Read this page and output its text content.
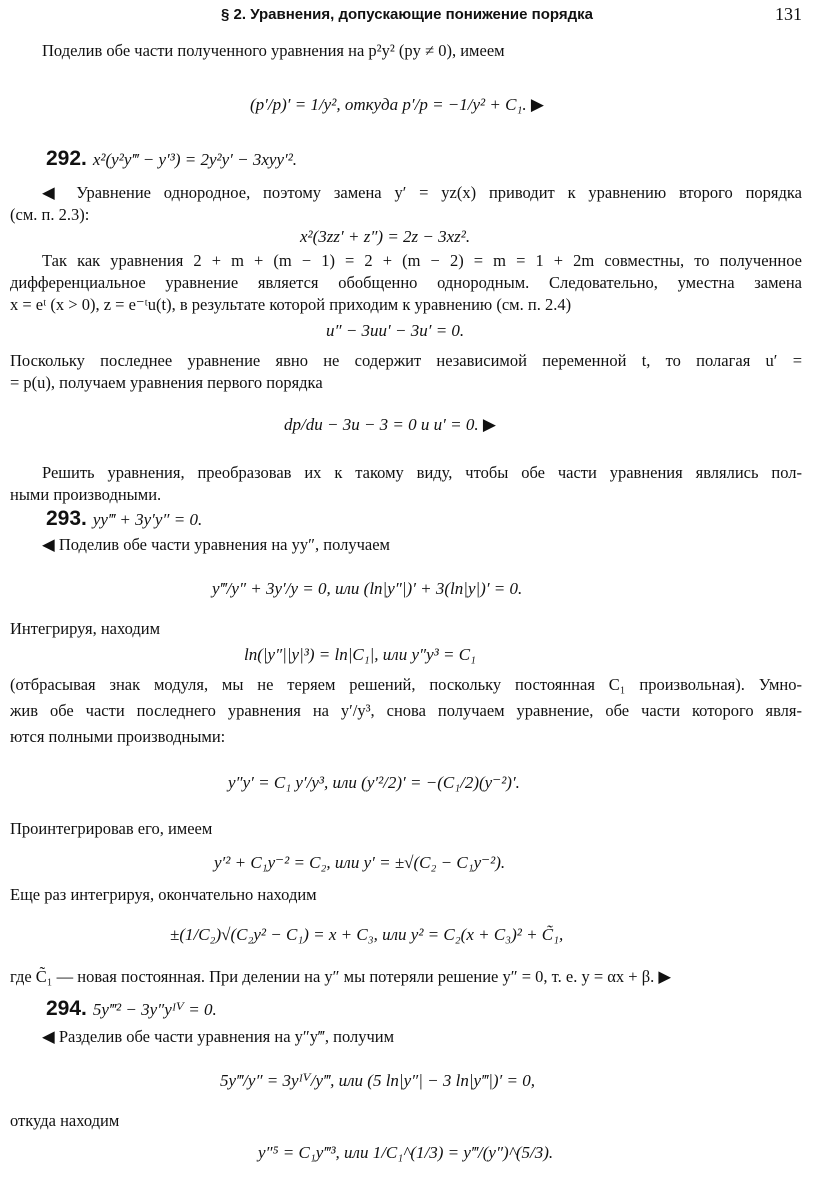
§ 2. Уравнения, допускающие понижение порядка	131
Поделив обе части полученного уравнения на p²y² (py ≠ 0), имеем
(p′/p)′ = 1/y², откуда p′/p = −1/y² + C₁. ▶
292. x²(y²y‴ − y′³) = 2y²y′ − 3xyy′².
◀ Уравнение однородное, поэтому замена y′ = yz(x) приводит к уравнению второго порядка
(см. п. 2.3):
x²(3zz′ + z″) = 2z − 3xz².
Так как уравнения 2 + m + (m − 1) = 2 + (m − 2) = m = 1 + 2m совместны, то полученное
дифференциальное уравнение является обобщенно однородным. Следовательно, уместна замена
x = eᵗ (x > 0), z = e⁻ᵗu(t), в результате которой приходим к уравнению (см. п. 2.4)
u″ − 3uu′ − 3u′ = 0.
Поскольку последнее уравнение явно не содержит независимой переменной t, то полагая u′ =
= p(u), получаем уравнения первого порядка
dp/du − 3u − 3 = 0 и u′ = 0. ▶
Решить уравнения, преобразовав их к такому виду, чтобы обе части уравнения являлись пол-
ными производными.
293. yy‴ + 3y′y″ = 0.
◀ Поделив обе части уравнения на yy″, получаем
y‴/y″ + 3y′/y = 0, или (ln|y″|)′ + 3(ln|y|)′ = 0.
Интегрируя, находим
ln(|y″||y|³) = ln|C₁|, или y″y³ = C₁
(отбрасывая знак модуля, мы не теряем решений, поскольку постоянная C₁ произвольная). Умно-
жив обе части последнего уравнения на y′/y³, снова получаем уравнение, обе части которого явля-
ются полными производными:
y″y′ = C₁ y′/y³, или (y′²/2)′ = −(C₁/2)(y⁻²)′.
Проинтегрировав его, имеем
y′² + C₁y⁻² = C₂, или y′ = ±√(C₂ − C₁y⁻²).
Еще раз интегрируя, окончательно находим
±(1/C₂)√(C₂y² − C₁) = x + C₃, или y² = C₂(x + C₃)² + C̃₁,
где C̃₁ — новая постоянная. При делении на y″ мы потеряли решение y″ = 0, т. е. y = αx + β. ▶
294. 5y‴² − 3y″yᴵⱽ = 0.
◀ Разделив обе части уравнения на y″y‴, получим
5y‴/y″ = 3yᴵⱽ/y‴, или (5 ln|y″| − 3 ln|y‴|)′ = 0,
откуда находим
y″⁵ = C₁y‴³, или 1/C₁^(1/3) = y‴/(y″)^(5/3).
